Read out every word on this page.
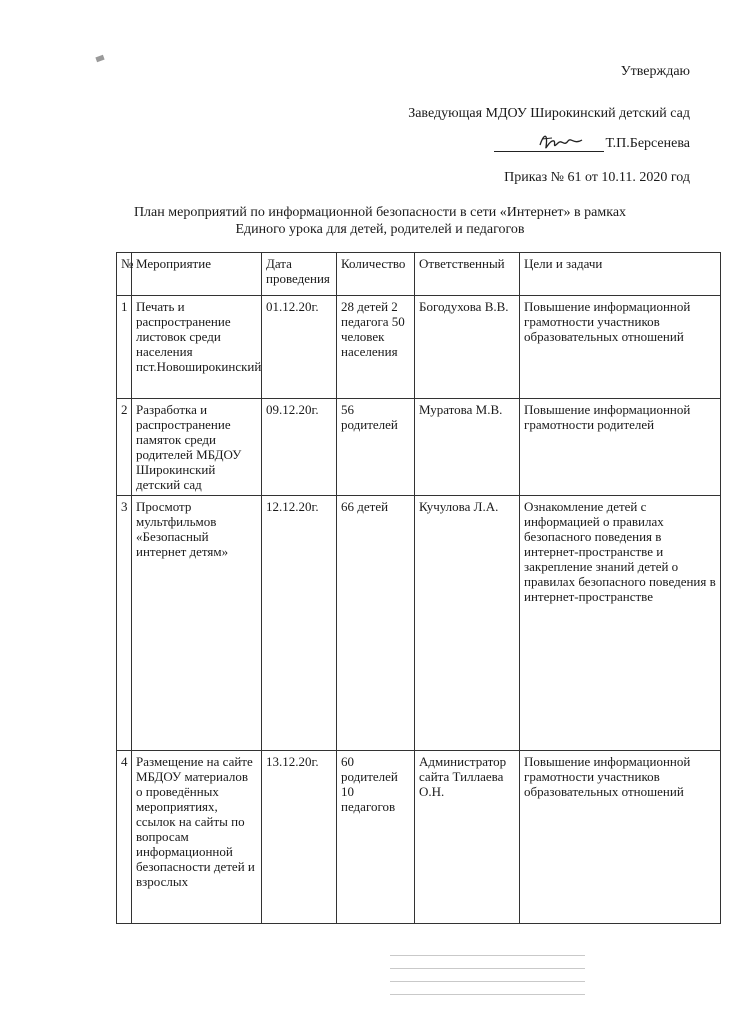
Утверждаю
Заведующая МДОУ Широкинский детский сад
Т.П.Берсенева
Приказ № 61 от 10.11. 2020 год
План мероприятий по информационной безопасности в сети «Интернет» в рамках
Единого урока для детей, родителей и педагогов
№	Мероприятие	Дата проведения	Количество	Ответственный	Цели и задачи
1	Печать и распространение листовок среди населения пст.Новоширокинский	01.12.20г.	28 детей 2 педагога 50 человек населения	Богодухова В.В.	Повышение информационной грамотности участников образовательных отношений
2	Разработка и распространение памяток среди родителей МБДОУ Широкинский детский сад	09.12.20г.	56 родителей	Муратова М.В.	Повышение информационной грамотности родителей
3	Просмотр мультфильмов «Безопасный интернет детям»	12.12.20г.	66 детей	Кучулова Л.А.	Ознакомление детей с информацией о правилах безопасного поведения в интернет-пространстве и закрепление знаний детей о правилах безопасного поведения в интернет-пространстве
4	Размещение на сайте МБДОУ материалов о проведённых мероприятиях, ссылок на сайты по вопросам информационной безопасности детей и взрослых	13.12.20г.	60 родителей 10 педагогов	Администратор сайта Тиллаева О.Н.	Повышение информационной грамотности участников образовательных отношений
